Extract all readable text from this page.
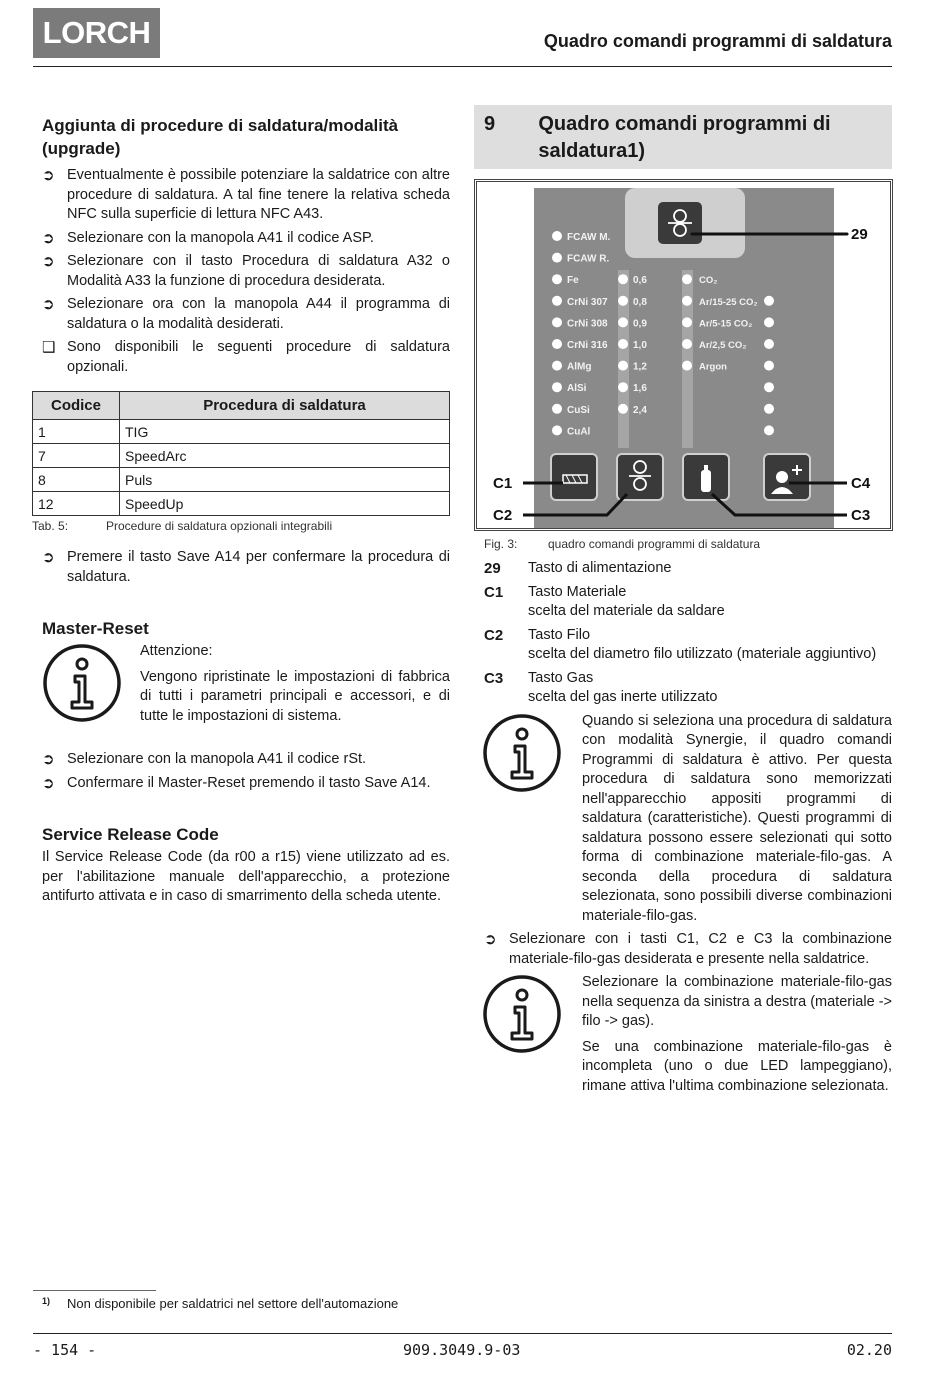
LORCH	Quadro comandi programmi di saldatura
Aggiunta di procedure di saldatura/modalità (upgrade)
➲ Eventualmente è possibile potenziare la saldatrice con altre procedure di saldatura. A tal fine tenere la relativa scheda NFC sulla superficie di lettura NFC A43.
➲ Selezionare con la manopola A41 il codice ASP.
➲ Selezionare con il tasto Procedura di saldatura A32 o Modalità A33 la funzione di procedura desiderata.
➲ Selezionare ora con la manopola A44 il programma di saldatura o la modalità desiderati.
❑ Sono disponibili le seguenti procedure di saldatura opzionali.
Codice	Procedura di saldatura
1	TIG
7	SpeedArc
8	Puls
12	SpeedUp
Tab. 5:	Procedure di saldatura opzionali integrabili
➲ Premere il tasto Save A14 per confermare la procedura di saldatura.
Master-Reset
Attenzione:
Vengono ripristinate le impostazioni di fabbrica di tutti i parametri principali e accessori, e di tutte le impostazioni di sistema.
➲ Selezionare con la manopola A41 il codice rSt.
➲ Confermare il Master-Reset premendo il tasto Save A14.
Service Release Code
Il Service Release Code (da r00 a r15) viene utilizzato ad es. per l'abilitazione manuale dell'apparecchio, a protezione antifurto attivata e in caso di smarrimento della scheda utente.
9	Quadro comandi programmi di saldatura1)
FCAW M.
FCAW R.
Fe
CrNi 307
CrNi 308
CrNi 316
AlMg
AlSi
CuSi
CuAl
0,6
0,8
0,9
1,0
1,2
1,6
2,4
CO₂
Ar/15-25 CO₂
Ar/5-15 CO₂
Ar/2,5 CO₂
Argon
29
C1
C2	C3
C4
Fig. 3:	quadro comandi programmi di saldatura
29	Tasto di alimentazione
C1	Tasto Materiale
scelta del materiale da saldare
C2	Tasto Filo
scelta del diametro filo utilizzato (materiale aggiuntivo)
C3	Tasto Gas
scelta del gas inerte utilizzato
Quando si seleziona una procedura di saldatura con modalità Synergie, il quadro comandi Programmi di saldatura è attivo. Per questa procedura di saldatura sono memorizzati nell'apparecchio appositi programmi di saldatura (caratteristiche). Questi programmi di saldatura possono essere selezionati qui sotto forma di combinazione materiale-filo-gas. A seconda della procedura di saldatura selezionata, sono possibili diverse combinazioni materiale-filo-gas.
➲ Selezionare con i tasti C1, C2 e C3 la combinazione materiale-filo-gas desiderata e presente nella saldatrice.
Selezionare la combinazione materiale-filo-gas nella sequenza da sinistra a destra (materiale -> filo -> gas).
Se una combinazione materiale-filo-gas è incompleta (uno o due LED lampeggiano), rimane attiva l'ultima combinazione selezionata.
1)	Non disponibile per saldatrici nel settore dell'automazione
- 154 -	909.3049.9-03	02.20
